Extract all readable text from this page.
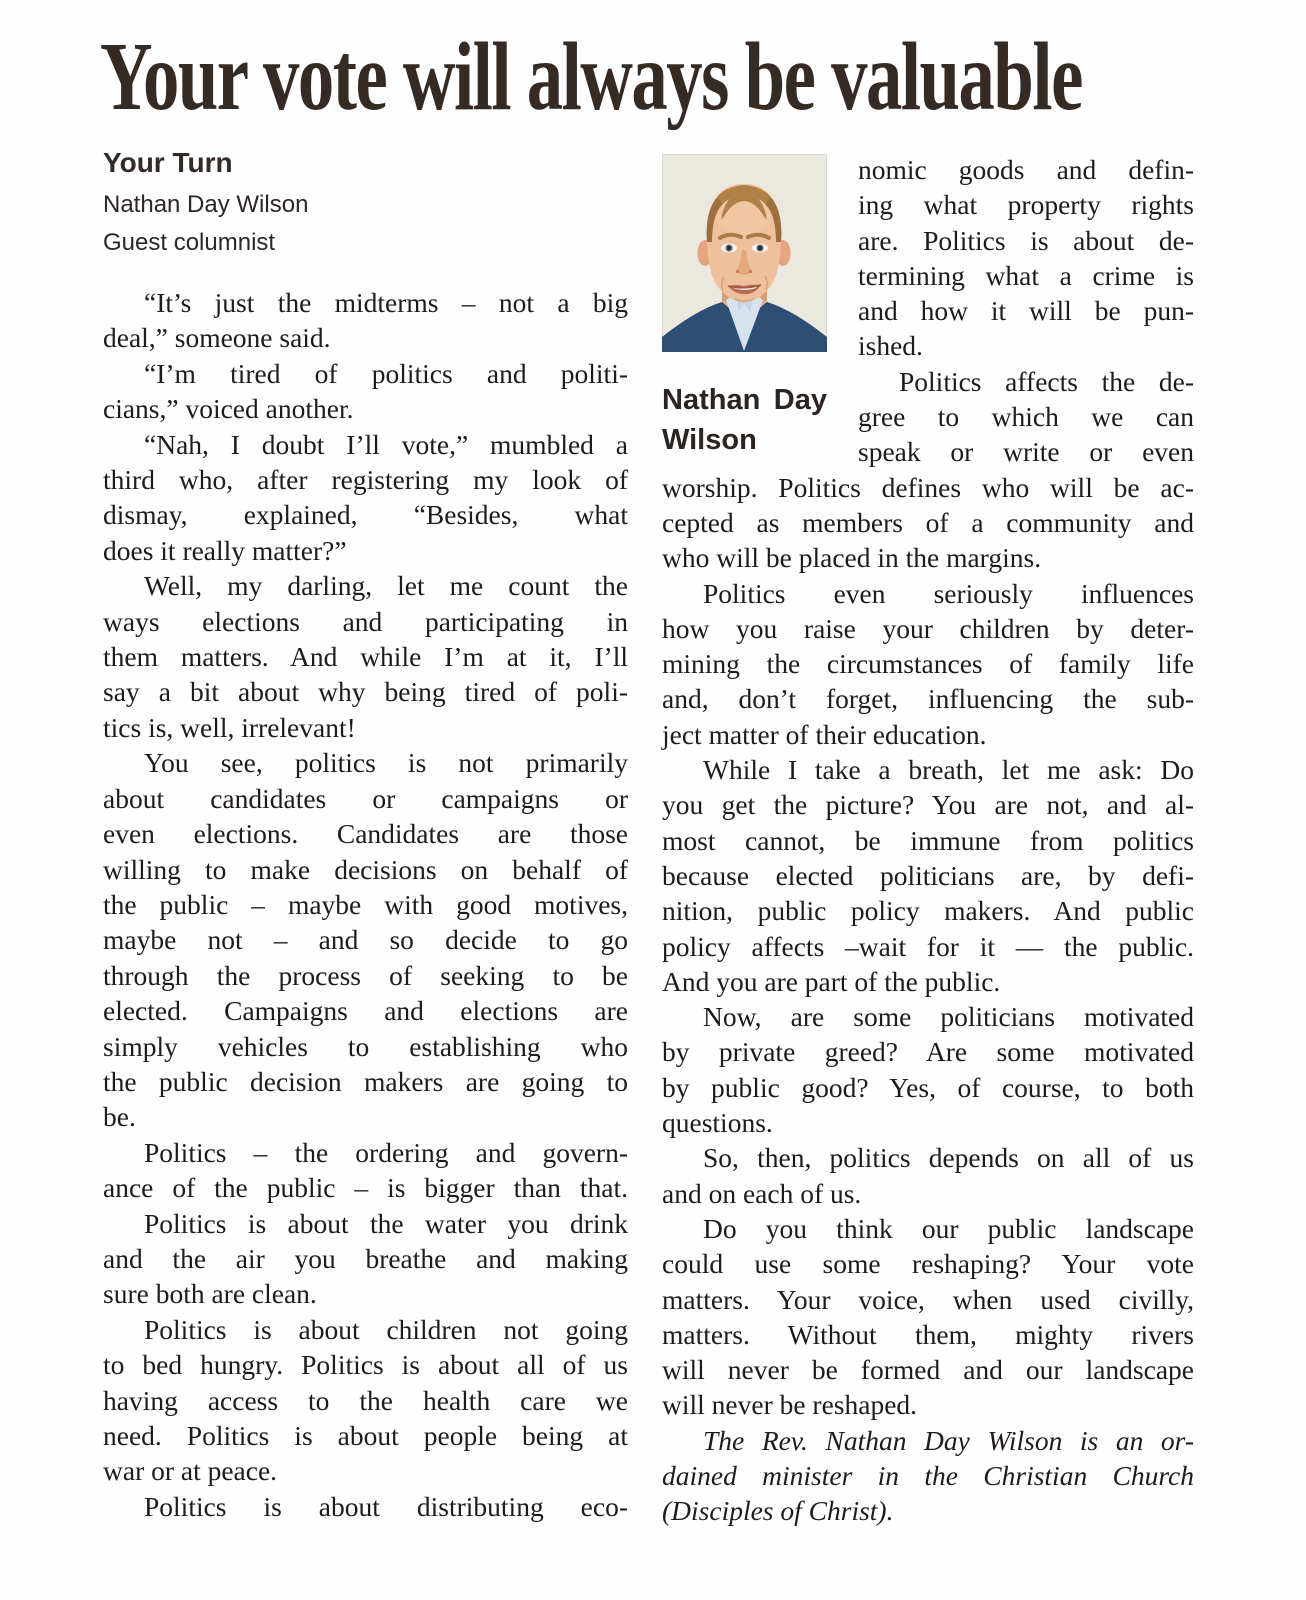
Your vote will always be valuable
Your Turn
Nathan Day Wilson
Guest columnist
“It’s just the midterms – not a big
deal,” someone said.
“I’m tired of politics and politi-
cians,” voiced another.
“Nah, I doubt I’ll vote,” mumbled a
third who, after registering my look of
dismay, explained, “Besides, what
does it really matter?”
Well, my darling, let me count the
ways elections and participating in
them matters. And while I’m at it, I’ll
say a bit about why being tired of poli-
tics is, well, irrelevant!
You see, politics is not primarily
about candidates or campaigns or
even elections. Candidates are those
willing to make decisions on behalf of
the public – maybe with good motives,
maybe not – and so decide to go
through the process of seeking to be
elected. Campaigns and elections are
simply vehicles to establishing who
the public decision makers are going to
be.
Politics – the ordering and govern-
ance of the public – is bigger than that.
Politics is about the water you drink
and the air you breathe and making
sure both are clean.
Politics is about children not going
to bed hungry. Politics is about all of us
having access to the health care we
need. Politics is about people being at
war or at peace.
Politics is about distributing eco-
Nathan Day
Wilson
nomic goods and defin-
ing what property rights
are. Politics is about de-
termining what a crime is
and how it will be pun-
ished.
Politics affects the de-
gree to which we can
speak or write or even
worship. Politics defines who will be ac-
cepted as members of a community and
who will be placed in the margins.
Politics even seriously influences
how you raise your children by deter-
mining the circumstances of family life
and, don’t forget, influencing the sub-
ject matter of their education.
While I take a breath, let me ask: Do
you get the picture? You are not, and al-
most cannot, be immune from politics
because elected politicians are, by defi-
nition, public policy makers. And public
policy affects –wait for it — the public.
And you are part of the public.
Now, are some politicians motivated
by private greed? Are some motivated
by public good? Yes, of course, to both
questions.
So, then, politics depends on all of us
and on each of us.
Do you think our public landscape
could use some reshaping? Your vote
matters. Your voice, when used civilly,
matters. Without them, mighty rivers
will never be formed and our landscape
will never be reshaped.
The Rev. Nathan Day Wilson is an or-
dained minister in the Christian Church
(Disciples of Christ).
